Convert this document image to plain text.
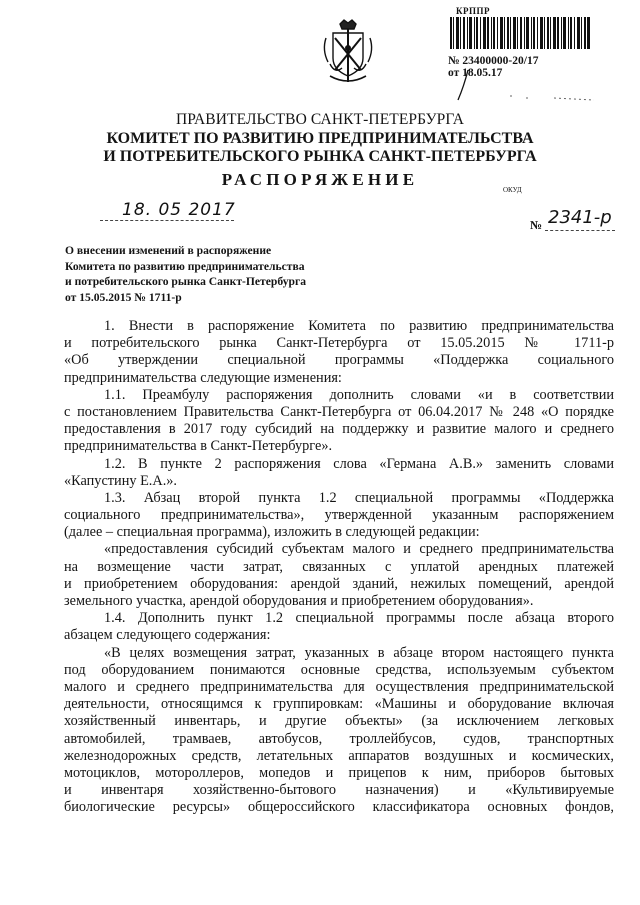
КРППР
№ 23400000-20/17
от 18.05.17
ПРАВИТЕЛЬСТВО САНКТ-ПЕТЕРБУРГА
КОМИТЕТ ПО РАЗВИТИЮ ПРЕДПРИНИМАТЕЛЬСТВА
И ПОТРЕБИТЕЛЬСКОГО РЫНКА САНКТ-ПЕТЕРБУРГА
РАСПОРЯЖЕНИЕ
ОКУД
18. 05 2017
№ 2341-р
О внесении изменений в распоряжение
Комитета по развитию предпринимательства
и потребительского рынка Санкт-Петербурга
от 15.05.2015 № 1711-р
1. Внести в распоряжение Комитета по развитию предпринимательства
и потребительского рынка Санкт-Петербурга от 15.05.2015 № 1711-р
«Об утверждении специальной программы «Поддержка социального
предпринимательства следующие изменения:
1.1. Преамбулу распоряжения дополнить словами «и в соответствии
с постановлением Правительства Санкт-Петербурга от 06.04.2017 № 248 «О порядке
предоставления в 2017 году субсидий на поддержку и развитие малого и среднего
предпринимательства в Санкт-Петербурге».
1.2. В пункте 2 распоряжения слова «Германа А.В.» заменить словами
«Капустину Е.А.».
1.3. Абзац второй пункта 1.2 специальной программы «Поддержка
социального предпринимательства», утвержденной указанным распоряжением
(далее – специальная программа), изложить в следующей редакции:
«предоставления субсидий субъектам малого и среднего предпринимательства
на возмещение части затрат, связанных с уплатой арендных платежей
и приобретением оборудования: арендой зданий, нежилых помещений, арендой
земельного участка, арендой оборудования и приобретением оборудования».
1.4. Дополнить пункт 1.2 специальной программы после абзаца второго
абзацем следующего содержания:
«В целях возмещения затрат, указанных в абзаце втором настоящего пункта
под оборудованием понимаются основные средства, используемым субъектом
малого и среднего предпринимательства для осуществления предпринимательской
деятельности, относящимся к группировкам: «Машины и оборудование включая
хозяйственный инвентарь, и другие объекты» (за исключением легковых
автомобилей, трамваев, автобусов, троллейбусов, судов, транспортных
железнодорожных средств, летательных аппаратов воздушных и космических,
мотоциклов, мотороллеров, мопедов и прицепов к ним, приборов бытовых
и инвентаря хозяйственно-бытового назначения) и «Культивируемые
биологические ресурсы» общероссийского классификатора основных фондов,
